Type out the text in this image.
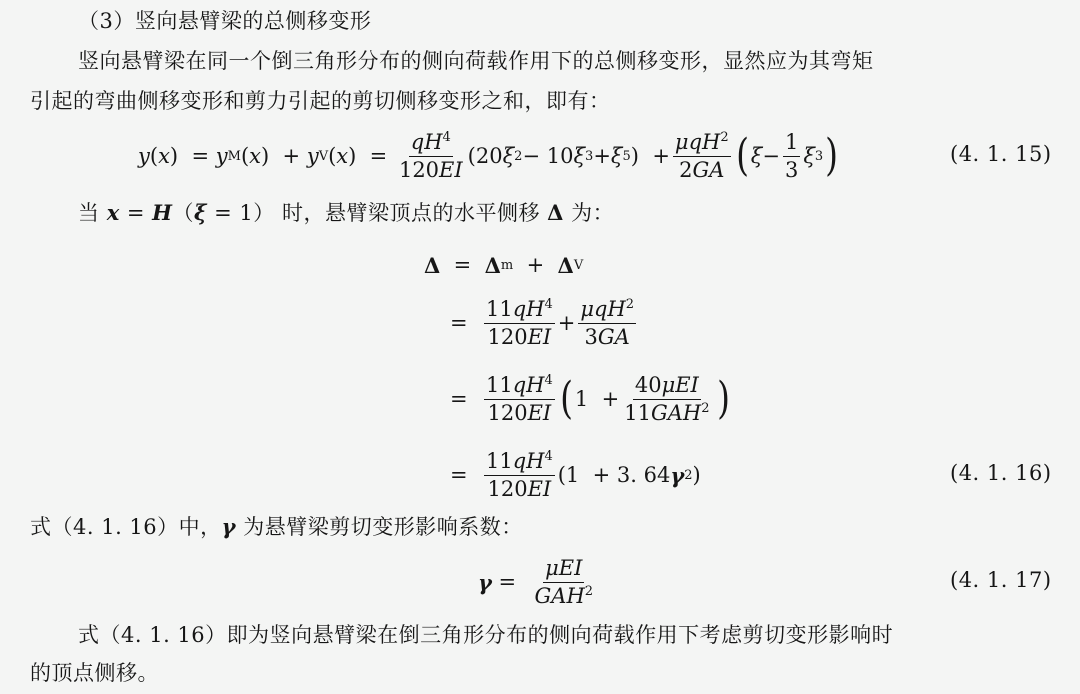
（3）竖向悬臂梁的总侧移变形
竖向悬臂梁在同一个倒三角形分布的侧向荷载作用下的总侧移变形，显然应为其弯矩
引起的弯曲侧移变形和剪力引起的剪切侧移变形之和，即有：
y ( x )  = y M ( x )  + y V ( x )  = $\frac{qH^4}{120EI} (20$ ξ 2 − 10 ξ 3 + ξ 5 )  + $\frac{\mu qH^2}{2GA}$ ( $\xi - \frac{1}{3}$ ξ 3 )	(4. 1. 15)
当 x = H（ξ = 1） 时，悬臂梁顶点的水平侧移 Δ 为：
Δ = Δ m + Δ V
= $\frac{11qH^4}{120EI} + \frac{\mu qH^2}{3GA}$
= $\frac{11qH^4}{120EI}$ ( $1 + \frac{\text{40μEI}}{11GAH^2}$ )
= $\frac{11qH^4}{120EI} (1 + 3$. 64 γ 2 )	(4. 1. 16)
式（4. 1. 16）中，γ 为悬臂梁剪切变形影响系数：
$\gamma = \frac{\text{μEI}}{GAH^2}$	(4. 1. 17)
式（4. 1. 16）即为竖向悬臂梁在倒三角形分布的侧向荷载作用下考虑剪切变形影响时
的顶点侧移。
